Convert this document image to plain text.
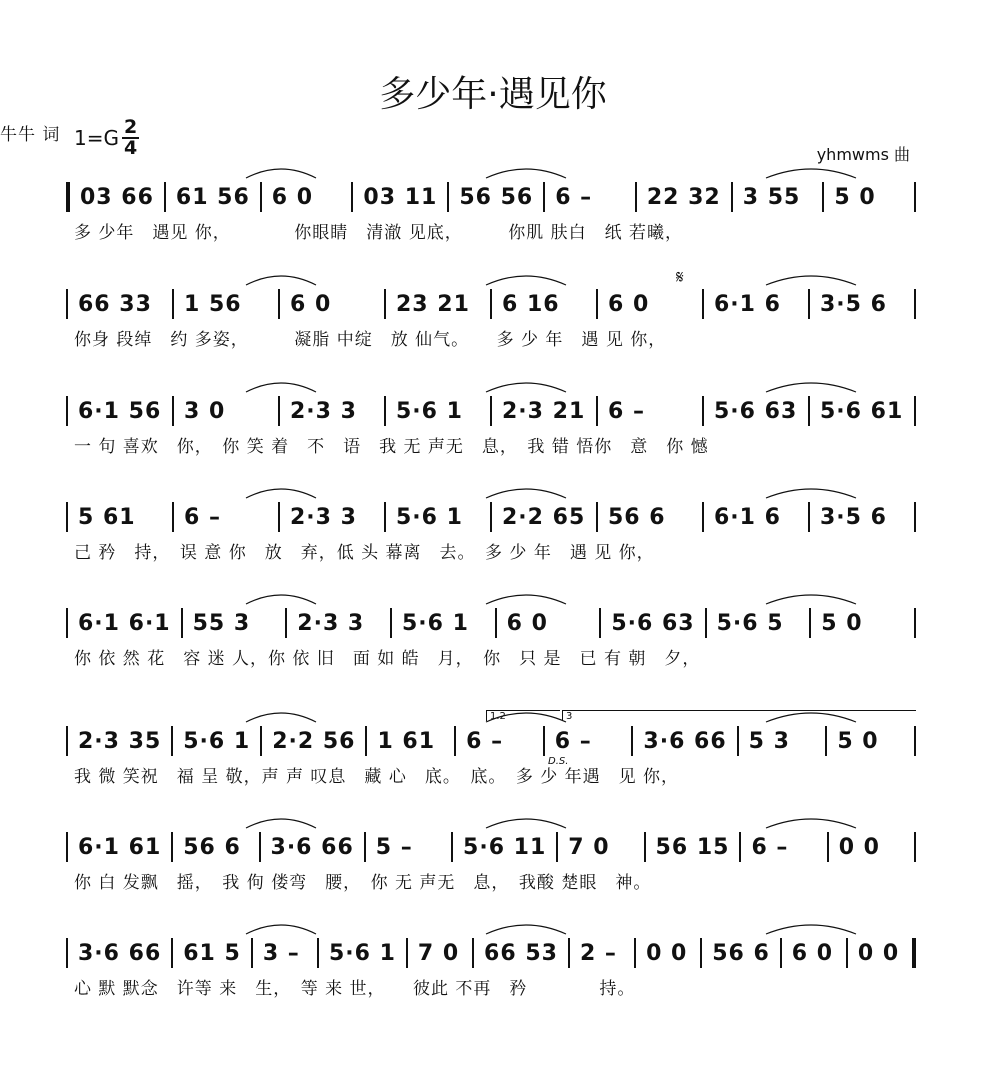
多少年·遇见你
$1=G \frac{2}{4}$
牛牛 词
yhmwms 曲
03 66	61 56	6 0	03 11	56 56	6 –	22 32	3 55	5 0
多 少年　遇见 你，　　　　你眼睛　清澈 见底，　　　你肌 肤白　纸 若曦，
66 33	1 56	6 0	23 21	6 16	6 0	6·1 6	3·5 6
你身 段绰　约 多姿，　　　凝脂 中绽　放 仙气。　　多 少 年　遇 见 你，
𝄋
6·1 56	3 0	2·3 3	5·6 1	2·3 21	6 –	5·6 63	5·6 61
一 句 喜欢　你，　你 笑 着　不　语　我 无 声无　息，　我 错 悟你　意　你 憾
5 61	6 –	2·3 3	5·6 1	2·2 65	56 6	6·1 6	3·5 6
己 矜　持，　误 意 你　放　弃，低 头 幕离　去。　多 少 年　遇 见 你，
6·1 6·1	55 3	2·3 3	5·6 1	6 0	5·6 63	5·6 5	5 0
你 依 然 花　容 迷 人，你 依 旧　面 如 皓　月，　你　只 是　已 有 朝　夕，
2·3 35	5·6 1	2·2 56	1 61	6 –	6 –	3·6 66	5 3	5 0
我 微 笑祝　福 呈 敬，声 声 叹息　藏 心　底。　底。　多 少 年遇　见 你，
1.2	3
D.S.
6·1 61	56 6	3·6 66	5 –	5·6 11	7 0	56 15	6 –	0 0
你 白 发飘　摇，　我 佝 偻弯　腰，　你 无 声无　息，　我酸 楚眼　神。
3·6 66	61 5	3 –	5·6 1	7 0	66 53	2 –	0 0	56 6	6 0	0 0
心 默 默念　许等 来　生，　等 来 世，　　彼此 不再　矜　　　　持。
